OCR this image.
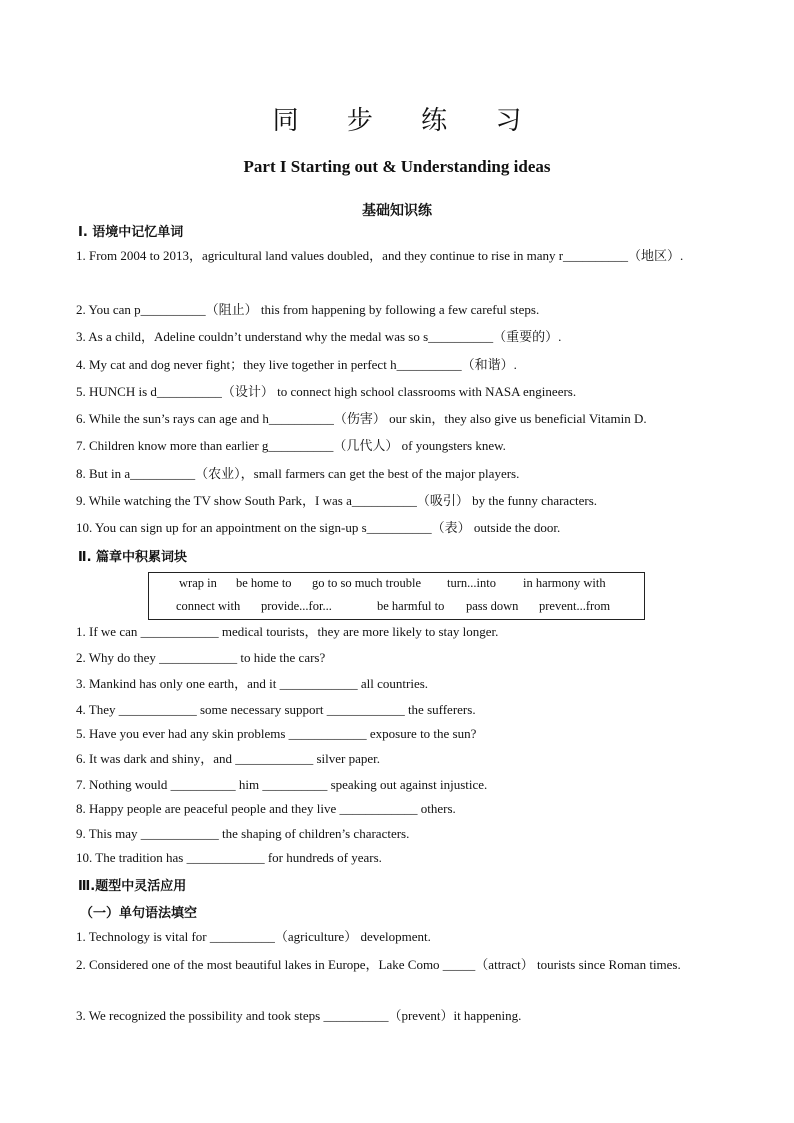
同 步 练 习
Part I Starting out & Understanding ideas
基础知识练
Ⅰ. 语境中记忆单词
1. From 2004 to 2013，agricultural land values doubled，and they continue to rise in many r__________（地区）.
2. You can p__________（阻止） this from happening by following a few careful steps.
3. As a child，Adeline couldn’t understand why the medal was so s__________（重要的）.
4. My cat and dog never fight；they live together in perfect h__________（和谐）.
5. HUNCH is d__________（设计） to connect high school classrooms with NASA engineers.
6. While the sun’s rays can age and h__________（伤害） our skin，they also give us beneficial Vitamin D.
7. Children know more than earlier g__________（几代人） of youngsters knew.
8. But in a__________（农业），small farmers can get the best of the major players.
9. While watching the TV show South Park，I was a__________（吸引） by the funny characters.
10. You can sign up for an appointment on the sign-up s__________（表） outside the door.
Ⅱ. 篇章中积累词块
wrap in be home to go to so much trouble turn...into in harmony with
connect with provide...for...	be harmful to pass down prevent...from
1. If we can ____________ medical tourists，they are more likely to stay longer.
2. Why do they ____________ to hide the cars?
3. Mankind has only one earth，and it ____________ all countries.
4. They ____________ some necessary support ____________ the sufferers.
5. Have you ever had any skin problems ____________ exposure to the sun?
6. It was dark and shiny，and ____________ silver paper.
7. Nothing would __________ him __________ speaking out against injustice.
8. Happy people are peaceful people and they live ____________ others.
9. This may ____________ the shaping of children’s characters.
10. The tradition has ____________ for hundreds of years.
Ⅲ.题型中灵活应用
（一）单句语法填空
1. Technology is vital for __________（agriculture） development.
2. Considered one of the most beautiful lakes in Europe，Lake Como _____（attract） tourists since Roman times.
3. We recognized the possibility and took steps __________（prevent）it happening.
